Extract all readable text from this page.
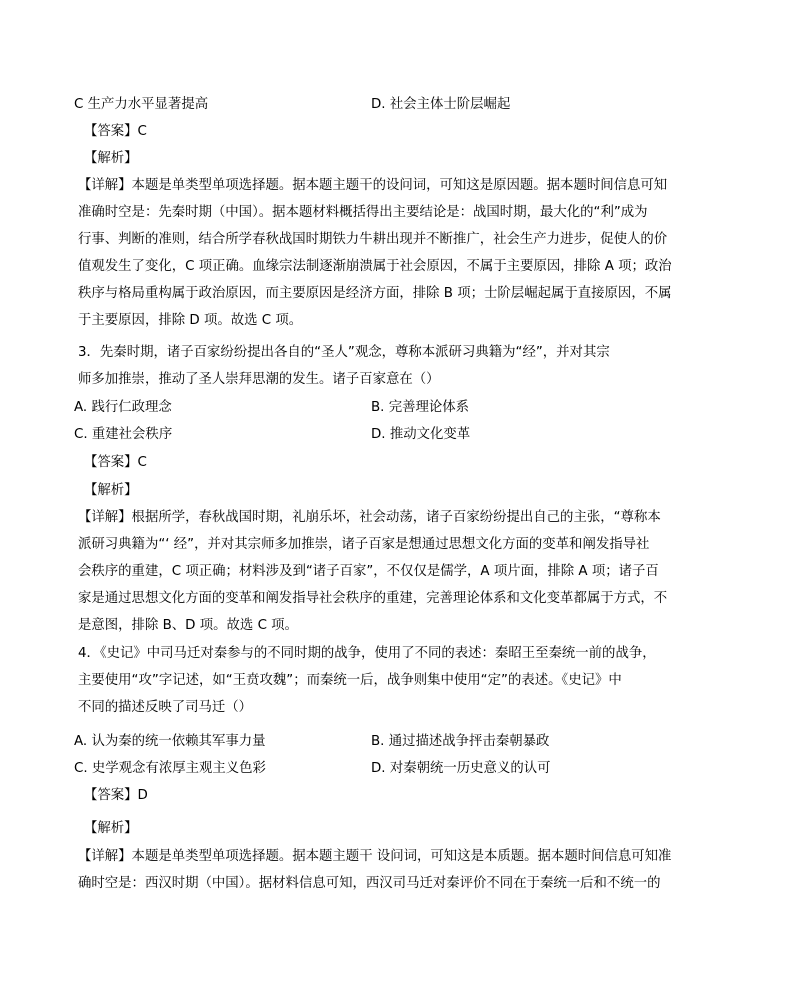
C 生产力水平显著提高	D. 社会主体士阶层崛起
【答案】C
【解析】
【详解】本题是单类型单项选择题。据本题主题干的设问词，可知这是原因题。据本题时间信息可知
准确时空是：先秦时期（中国）。据本题材料概括得出主要结论是：战国时期，最大化的“利”成为
行事、判断的准则，结合所学春秋战国时期铁力牛耕出现并不断推广，社会生产力进步，促使人的价
值观发生了变化，C 项正确。血缘宗法制逐渐崩溃属于社会原因，不属于主要原因，排除 A 项；政治
秩序与格局重构属于政治原因，而主要原因是经济方面，排除 B 项；士阶层崛起属于直接原因，不属
于主要原因，排除 D 项。故选 C 项。
3．先秦时期，诸子百家纷纷提出各自的“圣人”观念，尊称本派研习典籍为“经”，并对其宗
师多加推崇，推动了圣人崇拜思潮的发生。诸子百家意在（）
A. 践行仁政理念	B. 完善理论体系
C. 重建社会秩序	D. 推动文化变革
【答案】C
【解析】
【详解】根据所学，春秋战国时期，礼崩乐坏，社会动荡，诸子百家纷纷提出自己的主张，“尊称本
派研习典籍为“‘ 经”，并对其宗师多加推崇，诸子百家是想通过思想文化方面的变革和阐发指导社
会秩序的重建，C 项正确；材料涉及到“诸子百家”，不仅仅是儒学，A 项片面，排除 A 项；诸子百
家是通过思想文化方面的变革和阐发指导社会秩序的重建，完善理论体系和文化变革都属于方式，不
是意图，排除 B、D 项。故选 C 项。
4．《史记》中司马迁对秦参与的不同时期的战争，使用了不同的表述：秦昭王至秦统一前的战争，
主要使用“攻”字记述，如“王贲攻魏”；而秦统一后，战争则集中使用“定”的表述。《史记》中
不同的描述反映了司马迁（）
A. 认为秦的统一依赖其军事力量	B. 通过描述战争抨击秦朝暴政
C. 史学观念有浓厚主观主义色彩	D. 对秦朝统一历史意义的认可
【答案】D
【解析】
【详解】本题是单类型单项选择题。据本题主题干 设问词，可知这是本质题。据本题时间信息可知准
确时空是：西汉时期（中国）。据材料信息可知，西汉司马迁对秦评价不同在于秦统一后和不统一的
